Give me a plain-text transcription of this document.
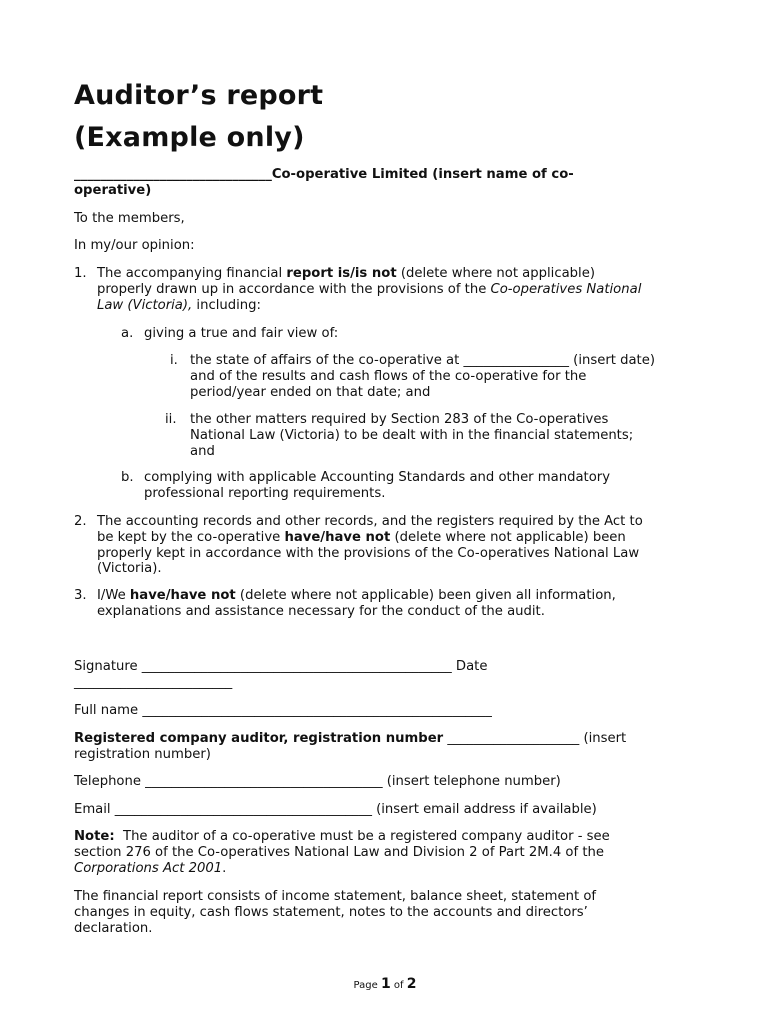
Auditor’s report
(Example only)
______________________________Co-operative Limited (insert name of co-
operative)
To the members,
In my/our opinion:
1. The accompanying financial report is/is not (delete where not applicable)
properly drawn up in accordance with the provisions of the Co-operatives National
Law (Victoria), including:
a. giving a true and fair view of:
i. the state of affairs of the co-operative at ________________ (insert date)
and of the results and cash flows of the co-operative for the
period/year ended on that date; and
ii. the other matters required by Section 283 of the Co-operatives
National Law (Victoria) to be dealt with in the financial statements;
and
b. complying with applicable Accounting Standards and other mandatory
professional reporting requirements.
2. The accounting records and other records, and the registers required by the Act to
be kept by the co-operative have/have not (delete where not applicable) been
properly kept in accordance with the provisions of the Co-operatives National Law
(Victoria).
3. I/We have/have not (delete where not applicable) been given all information,
explanations and assistance necessary for the conduct of the audit.
Signature _______________________________________________ Date
________________________
Full name _____________________________________________________
Registered company auditor, registration number ____________________ (insert
registration number)
Telephone ____________________________________ (insert telephone number)
Email _______________________________________ (insert email address if available)
Note:  The auditor of a co-operative must be a registered company auditor - see
section 276 of the Co-operatives National Law and Division 2 of Part 2M.4 of the
Corporations Act 2001.
The financial report consists of income statement, balance sheet, statement of
changes in equity, cash flows statement, notes to the accounts and directors’
declaration.
Page 1 of 2
